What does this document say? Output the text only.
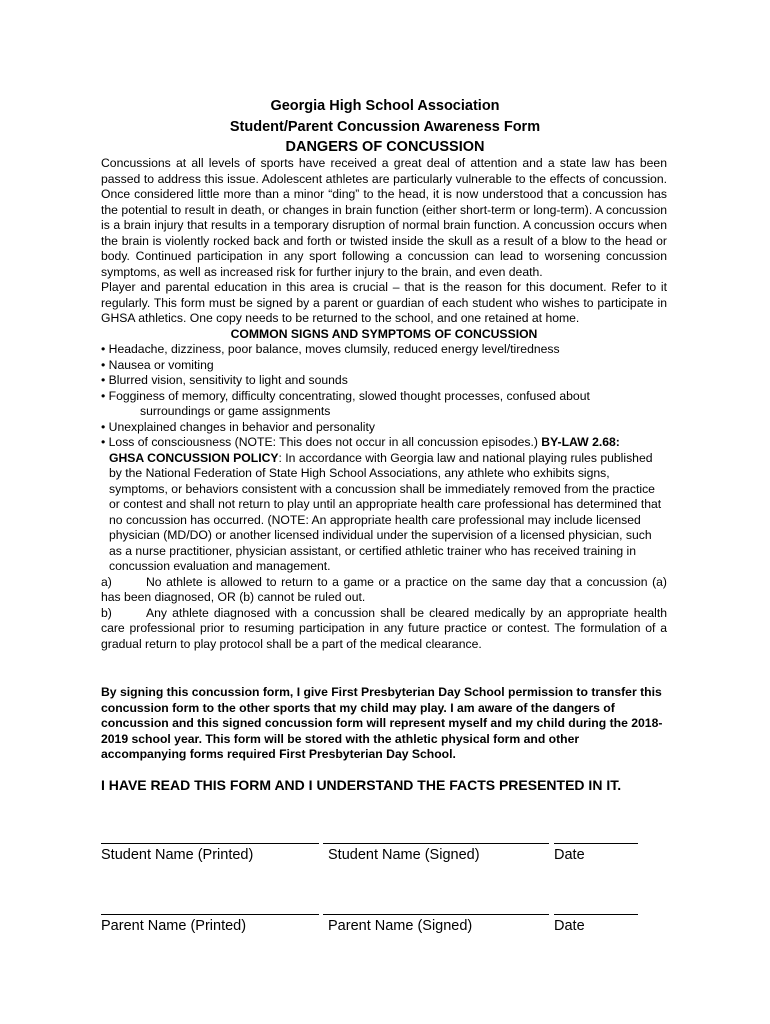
Georgia High School Association
Student/Parent Concussion Awareness Form
DANGERS OF CONCUSSION

Concussions at all levels of sports have received a great deal of attention and a state law has been passed to address this issue. Adolescent athletes are particularly vulnerable to the effects of concussion. Once considered little more than a minor “ding” to the head, it is now understood that a concussion has the potential to result in death, or changes in brain function (either short-term or long-term). A concussion is a brain injury that results in a temporary disruption of normal brain function. A concussion occurs when the brain is violently rocked back and forth or twisted inside the skull as a result of a blow to the head or body. Continued participation in any sport following a concussion can lead to worsening concussion symptoms, as well as increased risk for further injury to the brain, and even death.

Player and parental education in this area is crucial – that is the reason for this document. Refer to it regularly. This form must be signed by a parent or guardian of each student who wishes to participate in GHSA athletics. One copy needs to be returned to the school, and one retained at home.

COMMON SIGNS AND SYMPTOMS OF CONCUSSION

• Headache, dizziness, poor balance, moves clumsily, reduced energy level/tiredness

• Nausea or vomiting

• Blurred vision, sensitivity to light and sounds

• Fogginess of memory, difficulty concentrating, slowed thought processes, confused about

surroundings or game assignments

• Unexplained changes in behavior and personality

• Loss of consciousness (NOTE: This does not occur in all concussion episodes.) BY-LAW 2.68:

GHSA CONCUSSION POLICY: In accordance with Georgia law and national playing rules published by the National Federation of State High School Associations, any athlete who exhibits signs, symptoms, or behaviors consistent with a concussion shall be immediately removed from the practice or contest and shall not return to play until an appropriate health care professional has determined that no concussion has occurred. (NOTE: An appropriate health care professional may include licensed physician (MD/DO) or another licensed individual under the supervision of a licensed physician, such as a nurse practitioner, physician assistant, or certified athletic trainer who has received training in concussion evaluation and management.

a)	No athlete is allowed to return to a game or a practice on the same day that a concussion (a) has been diagnosed, OR (b) cannot be ruled out.

b)	Any athlete diagnosed with a concussion shall be cleared medically by an appropriate health care professional prior to resuming participation in any future practice or contest. The formulation of a gradual return to play protocol shall be a part of the medical clearance.

By signing this concussion form, I give First Presbyterian Day School permission to transfer this concussion form to the other sports that my child may play. I am aware of the dangers of concussion and this signed concussion form will represent myself and my child during the 2018-2019 school year. This form will be stored with the athletic physical form and other accompanying forms required First Presbyterian Day School.

I HAVE READ THIS FORM AND I UNDERSTAND THE FACTS PRESENTED IN IT.

Student Name (Printed)	Student Name (Signed)	Date

Parent Name (Printed)	Parent Name (Signed)	Date
